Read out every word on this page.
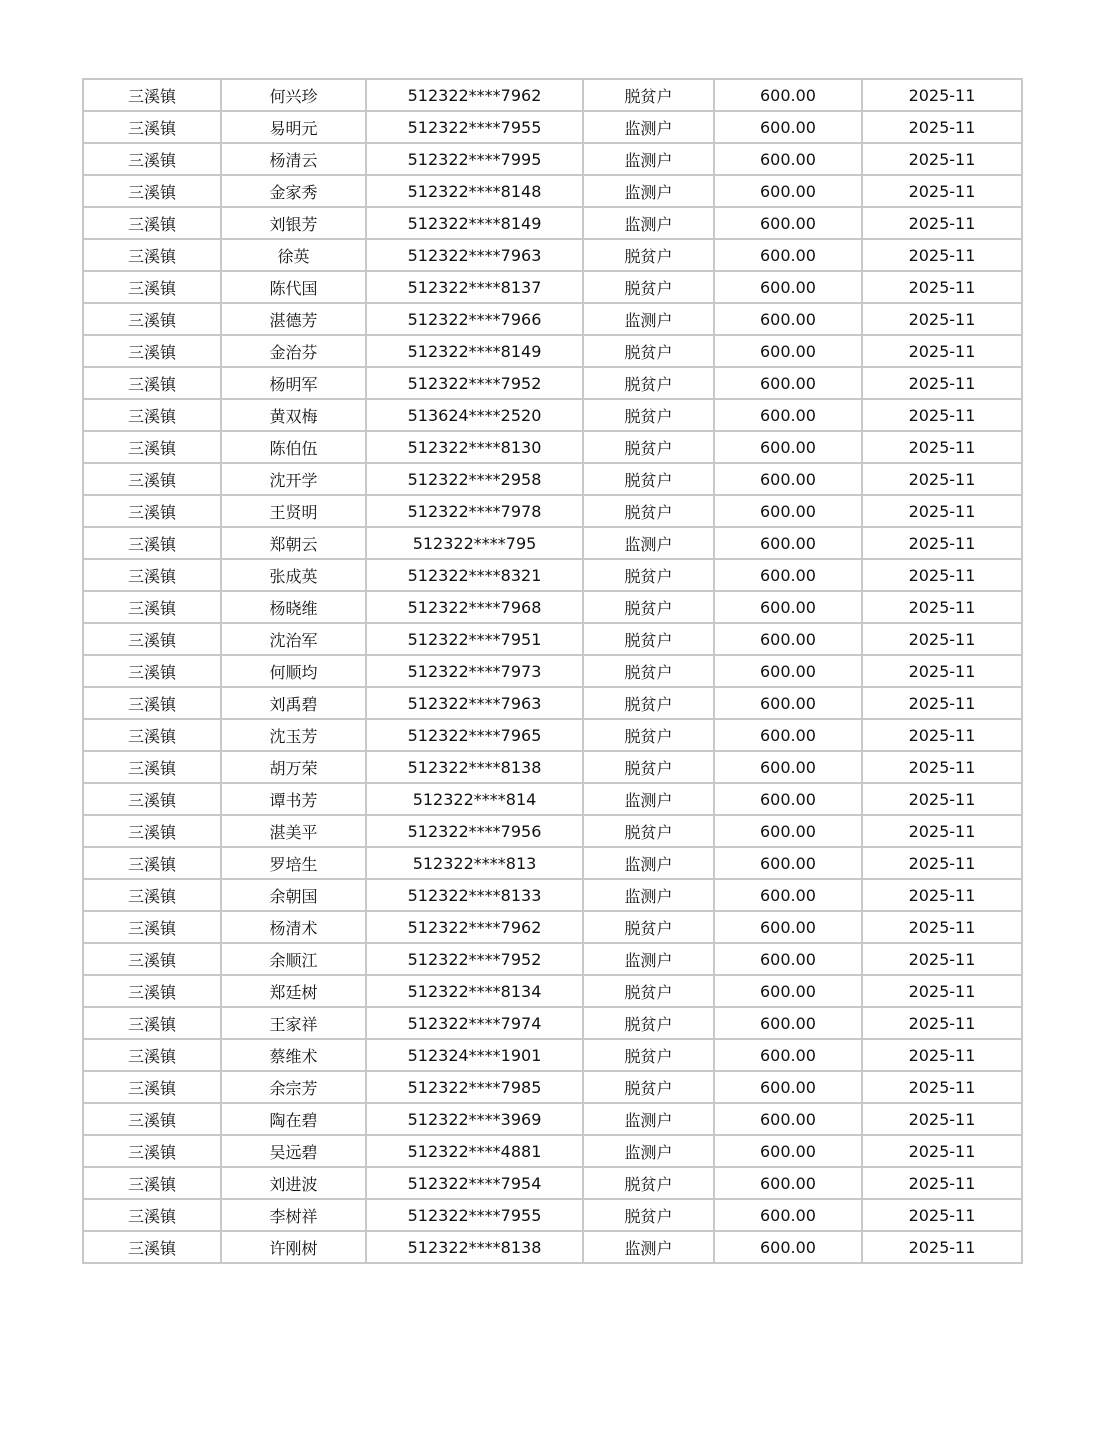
三溪镇	何兴珍	512322****7962	脱贫户	600.00	2025-11
三溪镇	易明元	512322****7955	监测户	600.00	2025-11
三溪镇	杨清云	512322****7995	监测户	600.00	2025-11
三溪镇	金家秀	512322****8148	监测户	600.00	2025-11
三溪镇	刘银芳	512322****8149	监测户	600.00	2025-11
三溪镇	徐英	512322****7963	脱贫户	600.00	2025-11
三溪镇	陈代国	512322****8137	脱贫户	600.00	2025-11
三溪镇	湛德芳	512322****7966	监测户	600.00	2025-11
三溪镇	金治芬	512322****8149	脱贫户	600.00	2025-11
三溪镇	杨明军	512322****7952	脱贫户	600.00	2025-11
三溪镇	黄双梅	513624****2520	脱贫户	600.00	2025-11
三溪镇	陈伯伍	512322****8130	脱贫户	600.00	2025-11
三溪镇	沈开学	512322****2958	脱贫户	600.00	2025-11
三溪镇	王贤明	512322****7978	脱贫户	600.00	2025-11
三溪镇	郑朝云	512322****795	监测户	600.00	2025-11
三溪镇	张成英	512322****8321	脱贫户	600.00	2025-11
三溪镇	杨晓维	512322****7968	脱贫户	600.00	2025-11
三溪镇	沈治军	512322****7951	脱贫户	600.00	2025-11
三溪镇	何顺均	512322****7973	脱贫户	600.00	2025-11
三溪镇	刘禹碧	512322****7963	脱贫户	600.00	2025-11
三溪镇	沈玉芳	512322****7965	脱贫户	600.00	2025-11
三溪镇	胡万荣	512322****8138	脱贫户	600.00	2025-11
三溪镇	谭书芳	512322****814	监测户	600.00	2025-11
三溪镇	湛美平	512322****7956	脱贫户	600.00	2025-11
三溪镇	罗培生	512322****813	监测户	600.00	2025-11
三溪镇	余朝国	512322****8133	监测户	600.00	2025-11
三溪镇	杨清术	512322****7962	脱贫户	600.00	2025-11
三溪镇	余顺江	512322****7952	监测户	600.00	2025-11
三溪镇	郑廷树	512322****8134	脱贫户	600.00	2025-11
三溪镇	王家祥	512322****7974	脱贫户	600.00	2025-11
三溪镇	蔡维术	512324****1901	脱贫户	600.00	2025-11
三溪镇	余宗芳	512322****7985	脱贫户	600.00	2025-11
三溪镇	陶在碧	512322****3969	监测户	600.00	2025-11
三溪镇	吴远碧	512322****4881	监测户	600.00	2025-11
三溪镇	刘进波	512322****7954	脱贫户	600.00	2025-11
三溪镇	李树祥	512322****7955	脱贫户	600.00	2025-11
三溪镇	许刚树	512322****8138	监测户	600.00	2025-11
